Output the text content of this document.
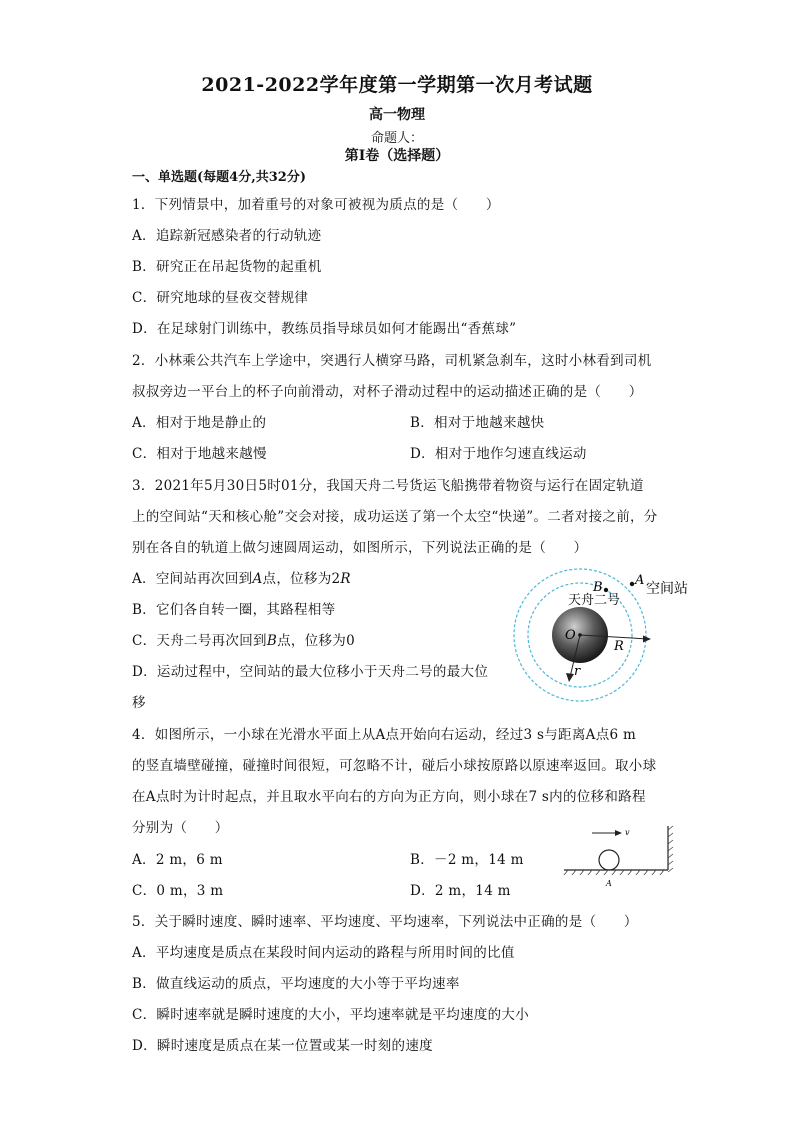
2021-2022学年度第一学期第一次月考试题
高一物理
命题人：
第Ⅰ卷（选择题）
一、单选题(每题4分,共32分)
1．下列情景中，加着重号的对象可被视为质点的是（　　）
A．追踪新冠感染者的行动轨迹
B．研究正在吊起货物的起重机
C．研究地球的昼夜交替规律
D．在足球射门训练中，教练员指导球员如何才能踢出“香蕉球”
2．小林乘公共汽车上学途中，突遇行人横穿马路，司机紧急刹车，这时小林看到司机
叔叔旁边一平台上的杯子向前滑动，对杯子滑动过程中的运动描述正确的是（　　）
A．相对于地是静止的	B．相对于地越来越快
C．相对于地越来越慢	D．相对于地作匀速直线运动
3．2021年5月30日5时01分，我国天舟二号货运飞船携带着物资与运行在固定轨道
上的空间站“天和核心舱”交会对接，成功运送了第一个太空“快递”。二者对接之前，分
别在各自的轨道上做匀速圆周运动，如图所示，下列说法正确的是（　　）
A．空间站再次回到A点，位移为2R
B．它们各自转一圈，其路程相等
C．天舟二号再次回到B点，位移为0
D．运动过程中，空间站的最大位移小于天舟二号的最大位
移
B A
空间站
天舟二号
O
R
r
4．如图所示，一小球在光滑水平面上从A点开始向右运动，经过3 s与距离A点6 m
的竖直墙壁碰撞，碰撞时间很短，可忽略不计，碰后小球按原路以原速率返回。取小球
在A点时为计时起点，并且取水平向右的方向为正方向，则小球在7 s内的位移和路程
分别为（　　）
A．2 m，6 m	B．－2 m，14 m
C．0 m，3 m	D．2 m，14 m
v
A
5．关于瞬时速度、瞬时速率、平均速度、平均速率，下列说法中正确的是（　　）
A．平均速度是质点在某段时间内运动的路程与所用时间的比值
B．做直线运动的质点，平均速度的大小等于平均速率
C．瞬时速率就是瞬时速度的大小，平均速率就是平均速度的大小
D．瞬时速度是质点在某一位置或某一时刻的速度
